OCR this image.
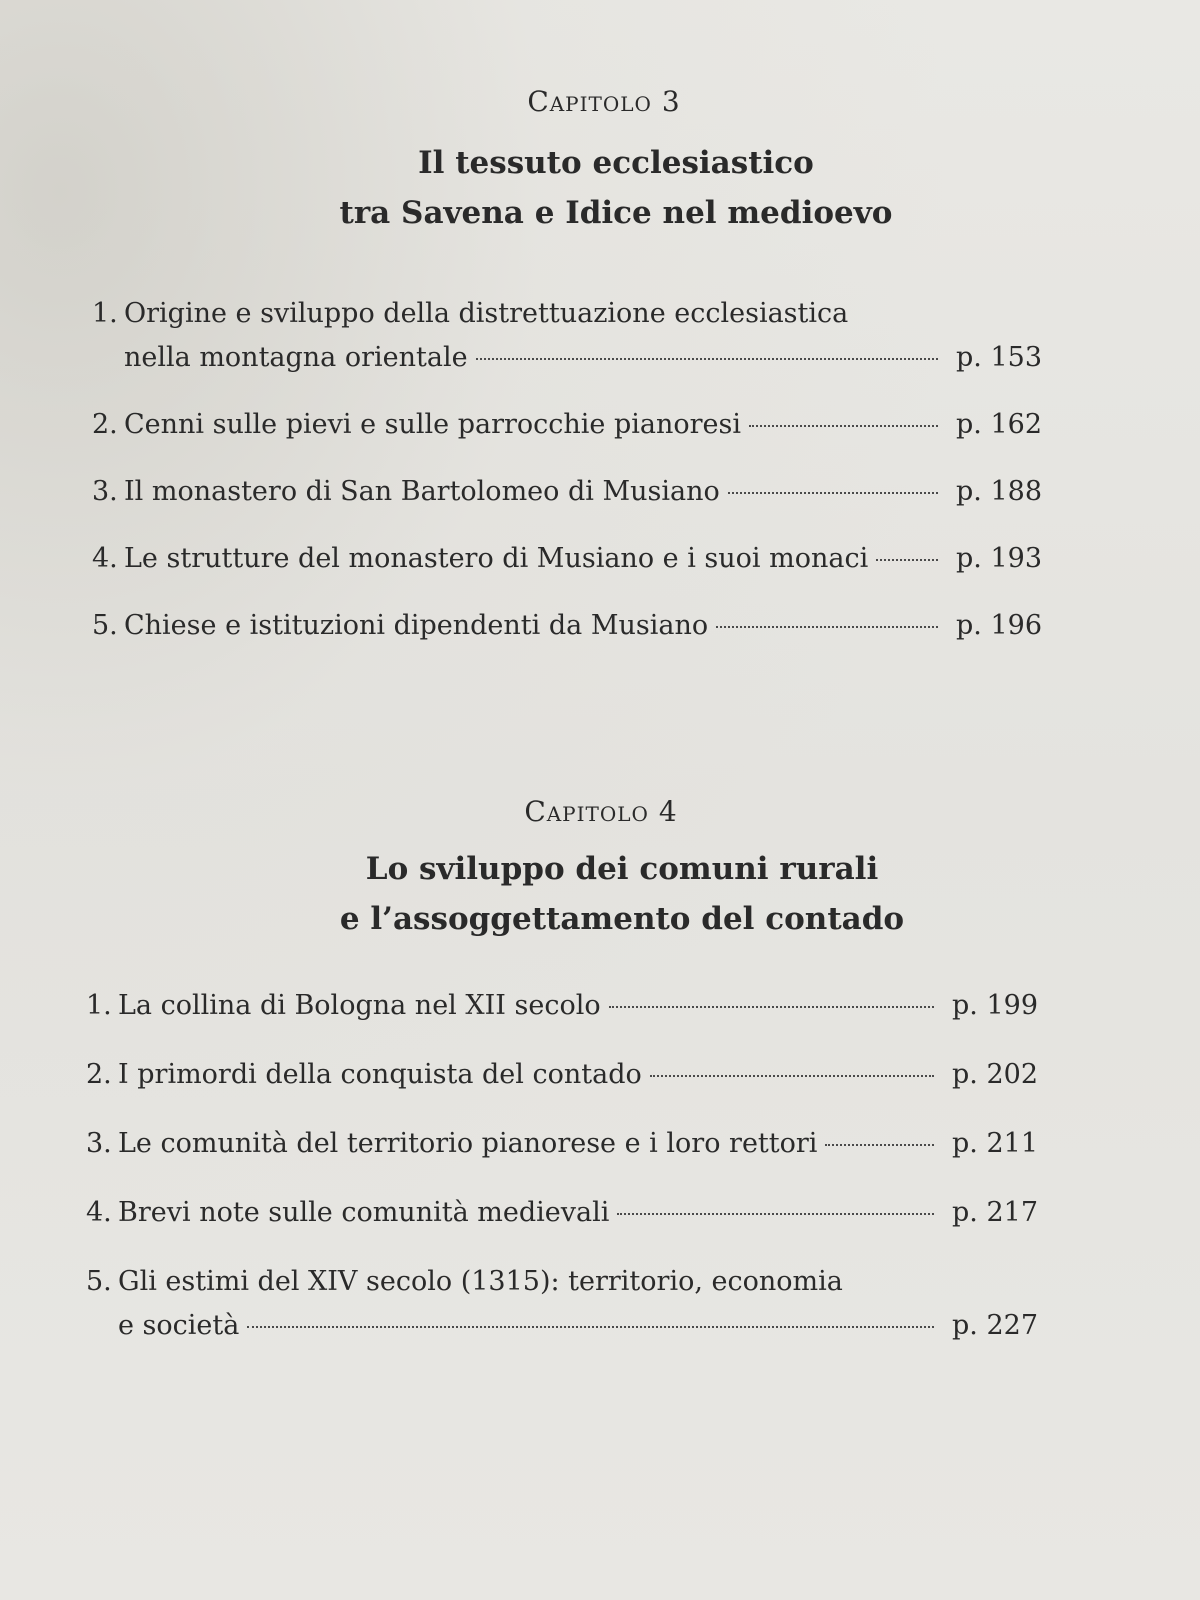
Capitolo 3
Il tessuto ecclesiastico
tra Savena e Idice nel medioevo
1. Origine e sviluppo della distrettuazione ecclesiastica
nella montagna orientale	p. 153
2. Cenni sulle pievi e sulle parrocchie pianoresi	p. 162
3. Il monastero di San Bartolomeo di Musiano	p. 188
4. Le strutture del monastero di Musiano e i suoi monaci	p. 193
5. Chiese e istituzioni dipendenti da Musiano	p. 196
Capitolo 4
Lo sviluppo dei comuni rurali
e l’assoggettamento del contado
1. La collina di Bologna nel XII secolo	p. 199
2. I primordi della conquista del contado	p. 202
3. Le comunità del territorio pianorese e i loro rettori	p. 211
4. Brevi note sulle comunità medievali	p. 217
5. Gli estimi del XIV secolo (1315): territorio, economia
e società	p. 227
